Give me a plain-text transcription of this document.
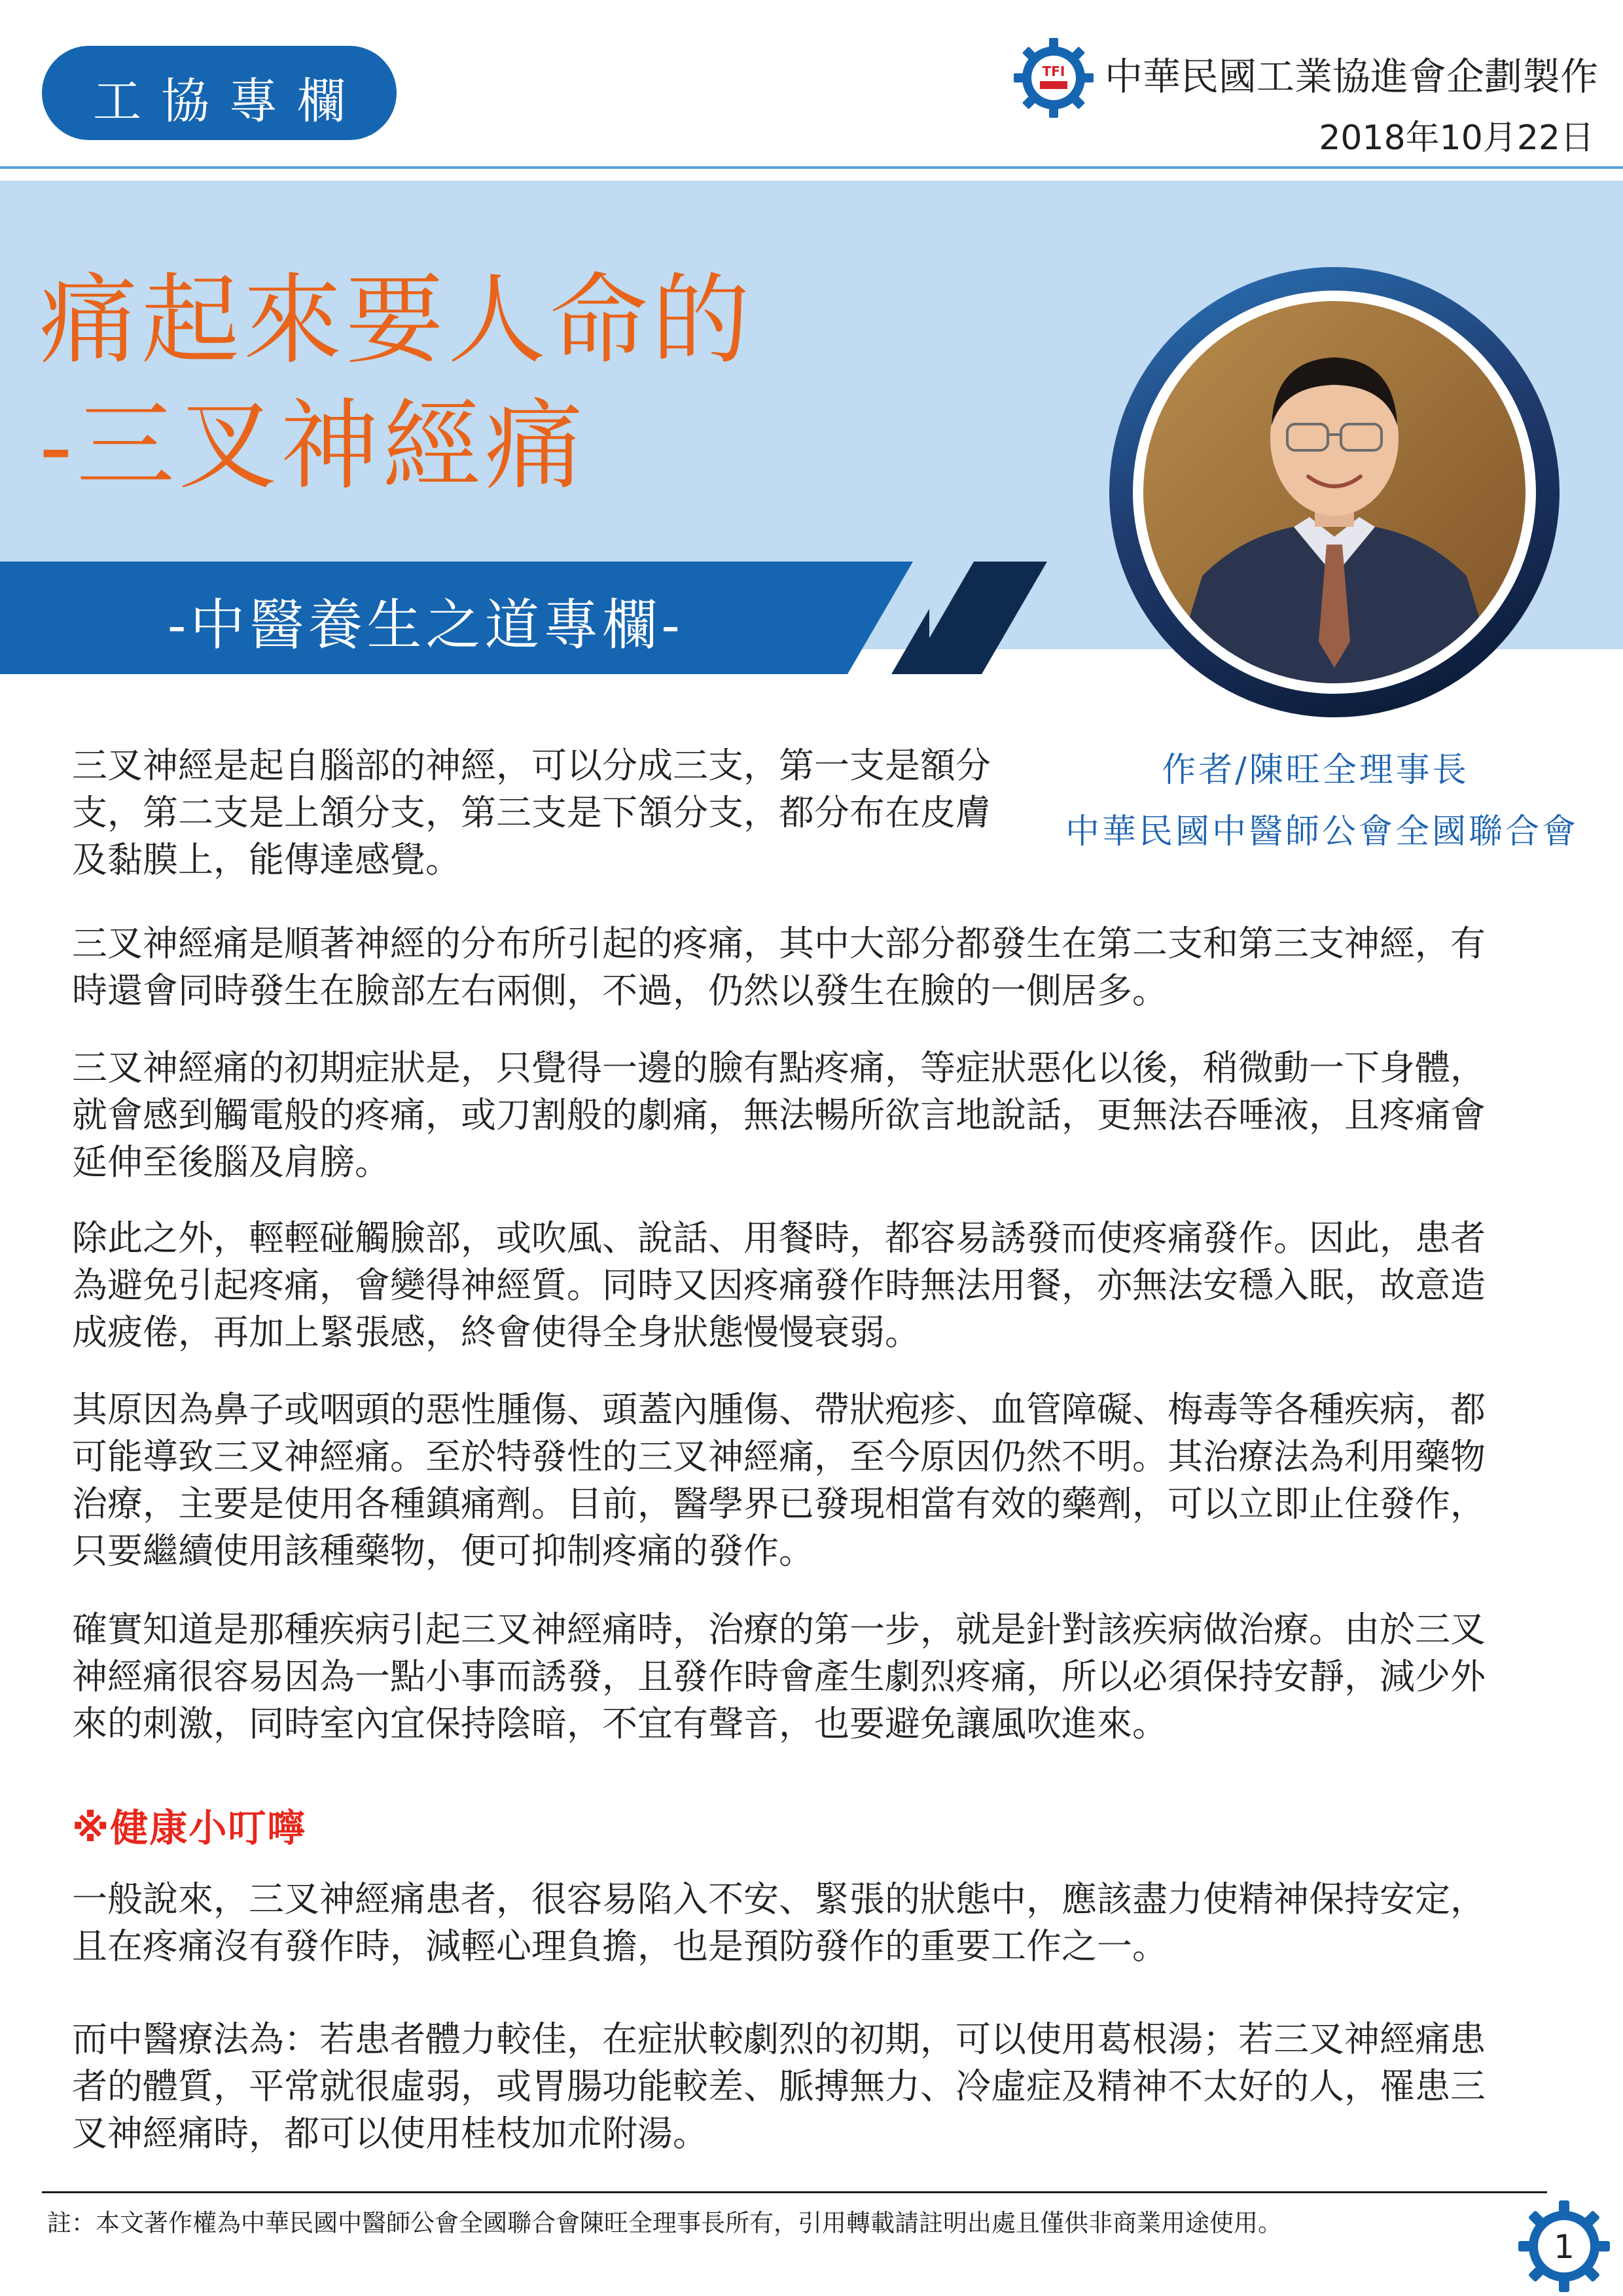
工協專欄
TFI 中華民國工業協進會企劃製作
2018年10月22日
痛起來要人命的
-三叉神經痛
-中醫養生之道專欄-
作者/陳旺全理事長
中華民國中醫師公會全國聯合會

三叉神經是起自腦部的神經，可以分成三支，第一支是額分支，第二支是上頷分支，第三支是下頷分支，都分布在皮膚及黏膜上，能傳達感覺。

三叉神經痛是順著神經的分布所引起的疼痛，其中大部分都發生在第二支和第三支神經，有時還會同時發生在臉部左右兩側，不過，仍然以發生在臉的一側居多。

三叉神經痛的初期症狀是，只覺得一邊的臉有點疼痛，等症狀惡化以後，稍微動一下身體，就會感到觸電般的疼痛，或刀割般的劇痛，無法暢所欲言地說話，更無法吞唾液，且疼痛會延伸至後腦及肩膀。

除此之外，輕輕碰觸臉部，或吹風、說話、用餐時，都容易誘發而使疼痛發作。因此，患者為避免引起疼痛，會變得神經質。同時又因疼痛發作時無法用餐，亦無法安穩入眠，故意造成疲倦，再加上緊張感，終會使得全身狀態慢慢衰弱。

其原因為鼻子或咽頭的惡性腫傷、頭蓋內腫傷、帶狀疱疹、血管障礙、梅毒等各種疾病，都可能導致三叉神經痛。至於特發性的三叉神經痛，至今原因仍然不明。其治療法為利用藥物治療，主要是使用各種鎮痛劑。目前，醫學界已發現相當有效的藥劑，可以立即止住發作，只要繼續使用該種藥物，便可抑制疼痛的發作。

確實知道是那種疾病引起三叉神經痛時，治療的第一步，就是針對該疾病做治療。由於三叉神經痛很容易因為一點小事而誘發，且發作時會產生劇烈疼痛，所以必須保持安靜，減少外來的刺激，同時室內宜保持陰暗，不宜有聲音，也要避免讓風吹進來。

※健康小叮嚀

一般說來，三叉神經痛患者，很容易陷入不安、緊張的狀態中，應該盡力使精神保持安定，且在疼痛沒有發作時，減輕心理負擔，也是預防發作的重要工作之一。

而中醫療法為：若患者體力較佳，在症狀較劇烈的初期，可以使用葛根湯；若三叉神經痛患者的體質，平常就很虛弱，或胃腸功能較差、脈搏無力、冷虛症及精神不太好的人，罹患三叉神經痛時，都可以使用桂枝加朮附湯。

註：本文著作權為中華民國中醫師公會全國聯合會陳旺全理事長所有，引用轉載請註明出處且僅供非商業用途使用。
1
